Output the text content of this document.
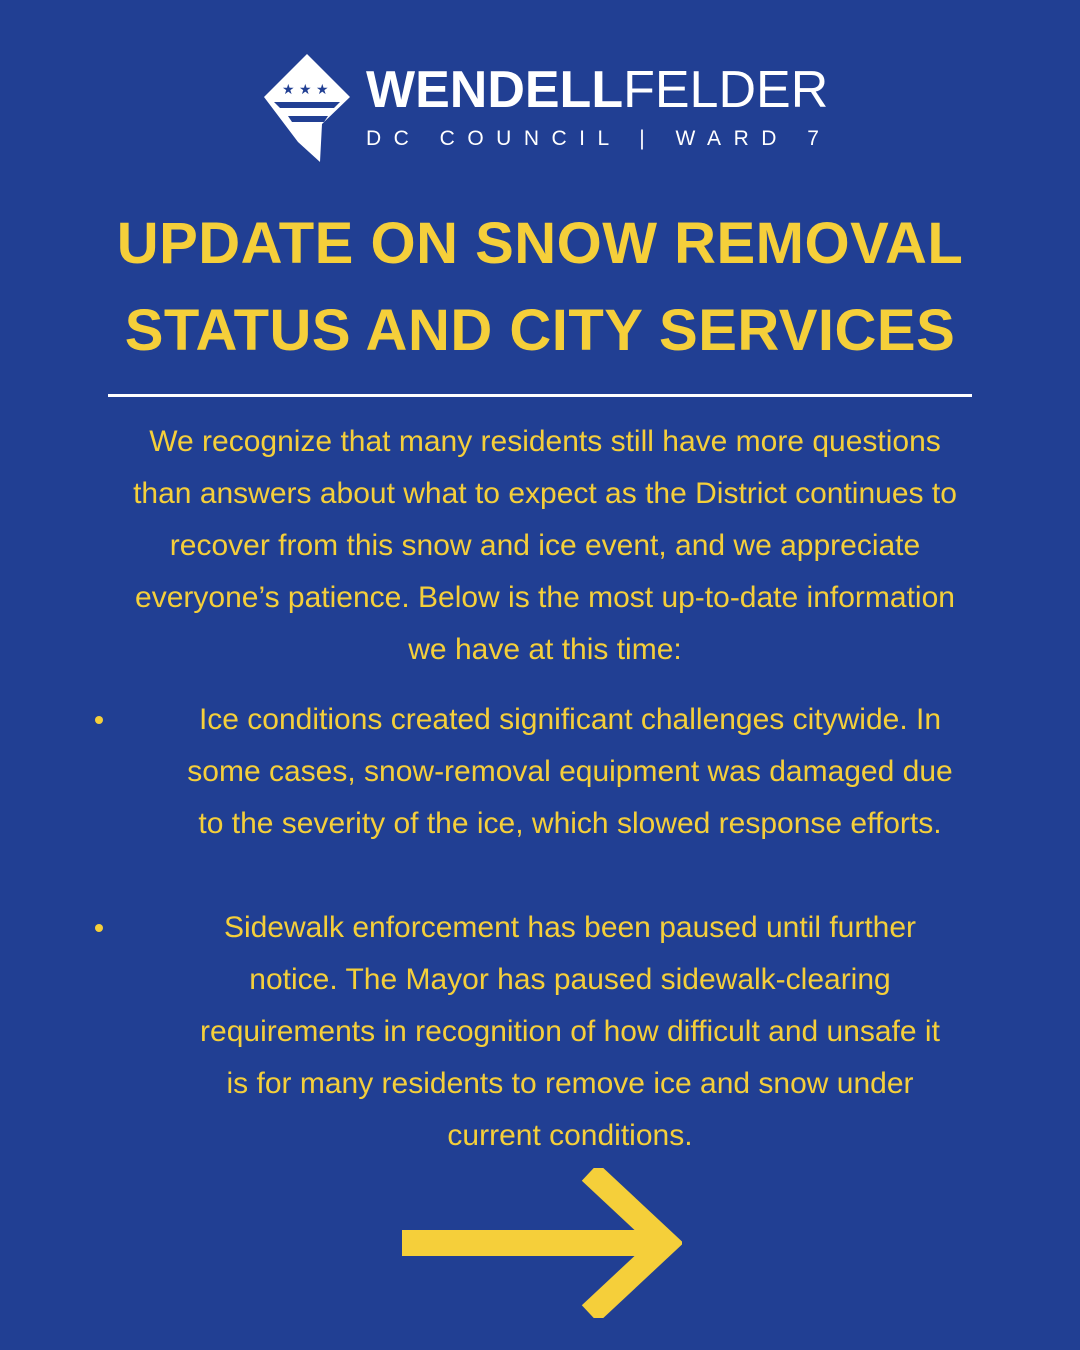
★ ★ ★ WENDELLFELDER
DC COUNCIL | WARD 7
UPDATE ON SNOW REMOVAL
STATUS AND CITY SERVICES
We recognize that many residents still have more questions
than answers about what to expect as the District continues to
recover from this snow and ice event, and we appreciate
everyone’s patience. Below is the most up-to-date information
we have at this time:
Ice conditions created significant challenges citywide. In
some cases, snow-removal equipment was damaged due
to the severity of the ice, which slowed response efforts.
Sidewalk enforcement has been paused until further
notice. The Mayor has paused sidewalk-clearing
requirements in recognition of how difficult and unsafe it
is for many residents to remove ice and snow under
current conditions.
